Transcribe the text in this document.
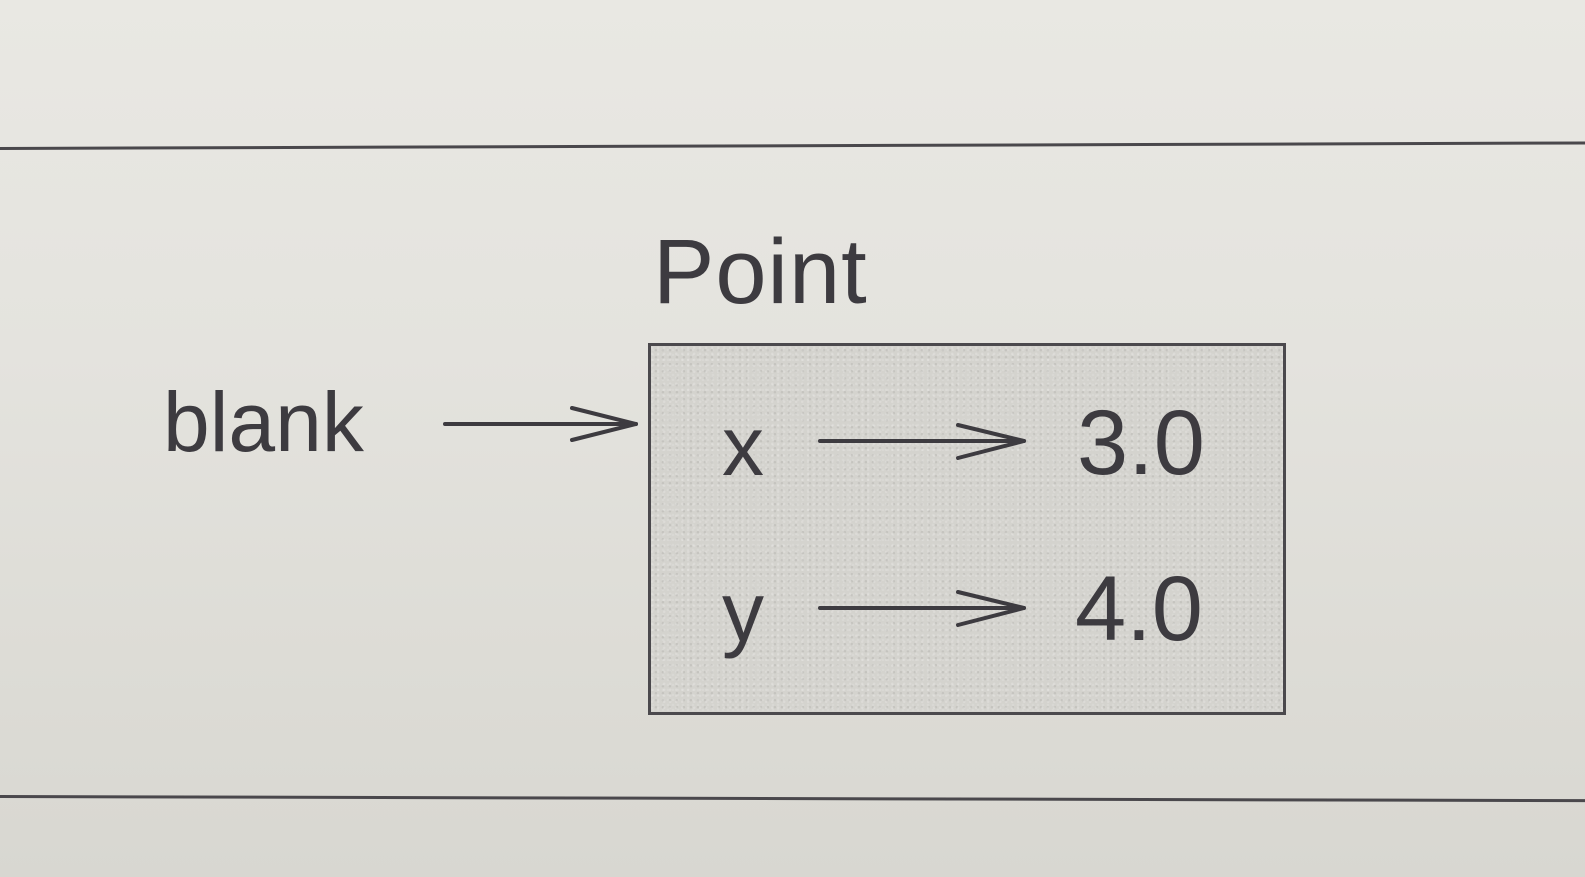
Point
blank	x	3.0
y	4.0
